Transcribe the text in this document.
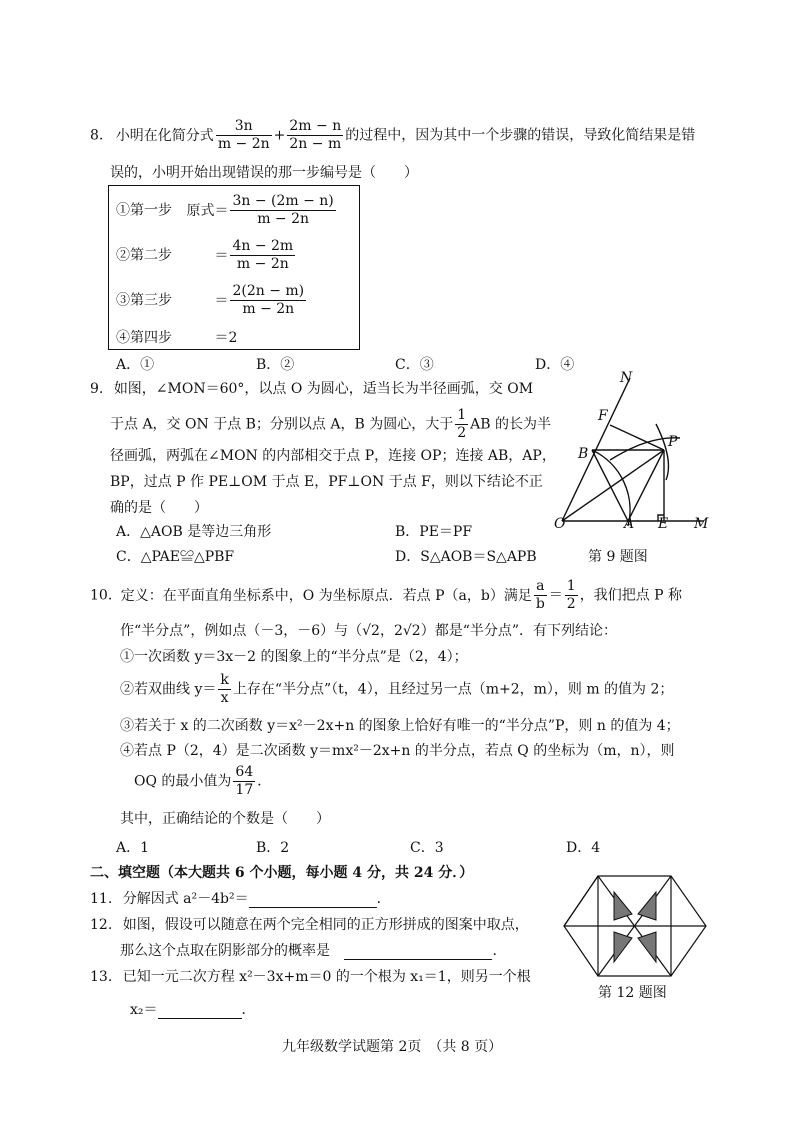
8. 小明在化简分式 $\frac{3n}{m - 2n} + \frac{2m - n}{2n - m}$ 的过程中，因为其中一个步骤的错误，导致化简结果是错
误的，小明开始出现错误的那一步编号是（　　）
①第一步 原式＝ $\frac{3n - (2m - n)}{m - 2n}$
②第二步	＝ $\frac{4n - 2m}{m - 2n}$
③第三步	＝ $\frac{2(2n - m)}{m - 2n}$
④第四步	＝2
A．①	B．②	C．③	D．④
9. 如图，∠MON＝60°，以点 O 为圆心，适当长为半径画弧，交 OM
于点 A，交 ON 于点 B；分别以点 A，B 为圆心，大于 $\frac{1}{2}$ AB 的长为半
径画弧，两弧在∠MON 的内部相交于点 P，连接 OP；连接 AB，AP，
BP，过点 P 作 PE⊥OM 于点 E，PF⊥ON 于点 F，则以下结论不正
确的是（　　）
A．△AOB 是等边三角形	B．PE＝PF
C．△PAE≌△PBF	D．S△AOB＝S△APB
N
F
P
B
O	A E M
第 9 题图
10. 定义：在平面直角坐标系中，O 为坐标原点．若点 P（a，b）满足 $\frac{a}{b} = \frac{1}{2}$ ，我们把点 P 称
作“半分点”，例如点（－3，－6）与（√2，2√2）都是“半分点”．有下列结论：
①一次函数 y＝3x－2 的图象上的“半分点”是（2，4）；
②若双曲线 $y= \frac{k}{x}$ 上存在“半分点”（t，4），且经过另一点（m+2，m），则 m 的值为 2；
③若关于 x 的二次函数 y＝x²－2x+n 的图象上恰好有唯一的“半分点”P，则 n 的值为 4；
④若点 P（2，4）是二次函数 y＝mx²－2x+n 的半分点，若点 Q 的坐标为（m，n），则
OQ 的最小值为 $\frac{64}{17}$ ．
其中，正确结论的个数是（　　）
A．1	B．2	C．3	D．4
二、填空题（本大题共 6 个小题，每小题 4 分，共 24 分．）
11. 分解因式 a²－4b²＝	．
12. 如图，假设可以随意在两个完全相同的正方形拼成的图案中取点，
那么这个点取在阴影部分的概率是	．
13. 已知一元二次方程 x²－3x+m＝0 的一个根为 x₁＝1，则另一个根
x₂＝	．
第 12 题图
九年级数学试题第 2页　（共 8 页）
